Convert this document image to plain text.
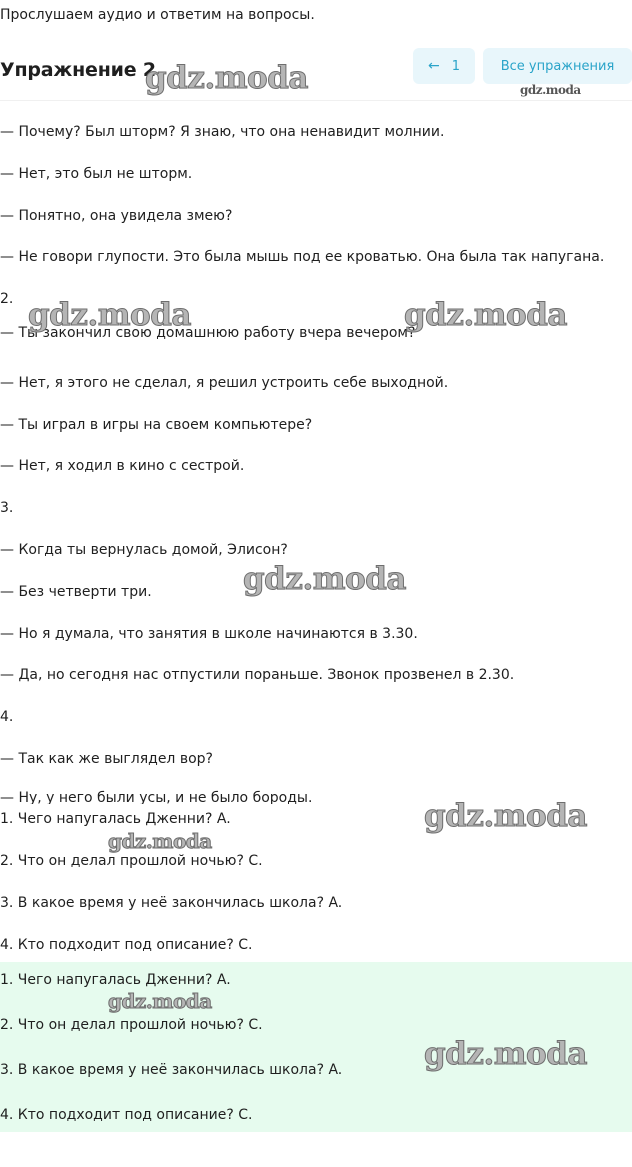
Прослушаем аудио и ответим на вопросы.
Упражнение 2	← 1	Все упражнения
— Почему? Был шторм? Я знаю, что она ненавидит молнии.
— Нет, это был не шторм.
— Понятно, она увидела змею?
— Не говори глупости. Это была мышь под ее кроватью. Она была так напугана.
2.
— Ты закончил свою домашнюю работу вчера вечером?
— Нет, я этого не сделал, я решил устроить себе выходной.
— Ты играл в игры на своем компьютере?
— Нет, я ходил в кино с сестрой.
3.
— Когда ты вернулась домой, Элисон?
— Без четверти три.
— Но я думала, что занятия в школе начинаются в 3.30.
— Да, но сегодня нас отпустили пораньше. Звонок прозвенел в 2.30.
4.
— Так как же выглядел вор?
— Ну, у него были усы, и не было бороды.
1. Чего напугалась Дженни? A.
2. Что он делал прошлой ночью? C.
3. В какое время у неё закончилась школа? A.
4. Кто подходит под описание? C.
1. Чего напугалась Дженни? A.
2. Что он делал прошлой ночью? C.
3. В какое время у неё закончилась школа? A.
4. Кто подходит под описание? C.
gdz.moda	gdz.moda
gdz.moda	gdz.moda
gdz.moda
gdz.moda
gdz.moda
gdz.moda
gdz.moda
